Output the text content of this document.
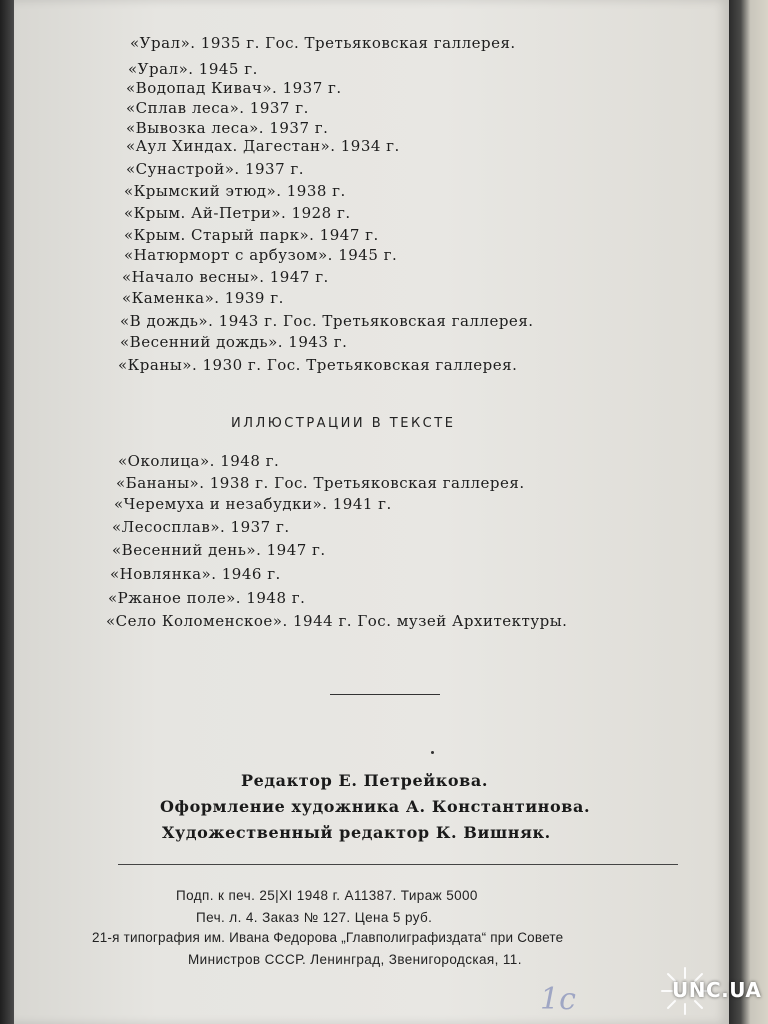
«Урал». 1935 г. Гос. Третьяковская галлерея.
«Урал». 1945 г.
«Водопад Кивач». 1937 г.
«Сплав леса». 1937 г.
«Вывозка леса». 1937 г.
«Аул Хиндах. Дагестан». 1934 г.
«Сунастрой». 1937 г.
«Крымский этюд». 1938 г.
«Крым. Ай-Петри». 1928 г.
«Крым. Старый парк». 1947 г.
«Натюрморт с арбузом». 1945 г.
«Начало весны». 1947 г.
«Каменка». 1939 г.
«В дождь». 1943 г. Гос. Третьяковская галлерея.
«Весенний дождь». 1943 г.
«Краны». 1930 г. Гос. Третьяковская галлерея.
ИЛЛЮСТРАЦИИ В ТЕКСТЕ
«Околица». 1948 г.
«Бананы». 1938 г. Гос. Третьяковская галлерея.
«Черемуха и незабудки». 1941 г.
«Лесосплав». 1937 г.
«Весенний день». 1947 г.
«Новлянка». 1946 г.
«Ржаное поле». 1948 г.
«Село Коломенское». 1944 г. Гос. музей Архитектуры.
Редактор Е. Петрейкова.
Оформление художника А. Константинова.
Художественный редактор К. Вишняк.
Подп. к печ. 25|XI 1948 г. А11387. Тираж 5000
Печ. л. 4. Заказ № 127. Цена 5 руб.
21-я типография им. Ивана Федорова „Главполиграфиздата“ при Совете
Министров СССР. Ленинград, Звенигородская, 11.
1с	UNC.UA
